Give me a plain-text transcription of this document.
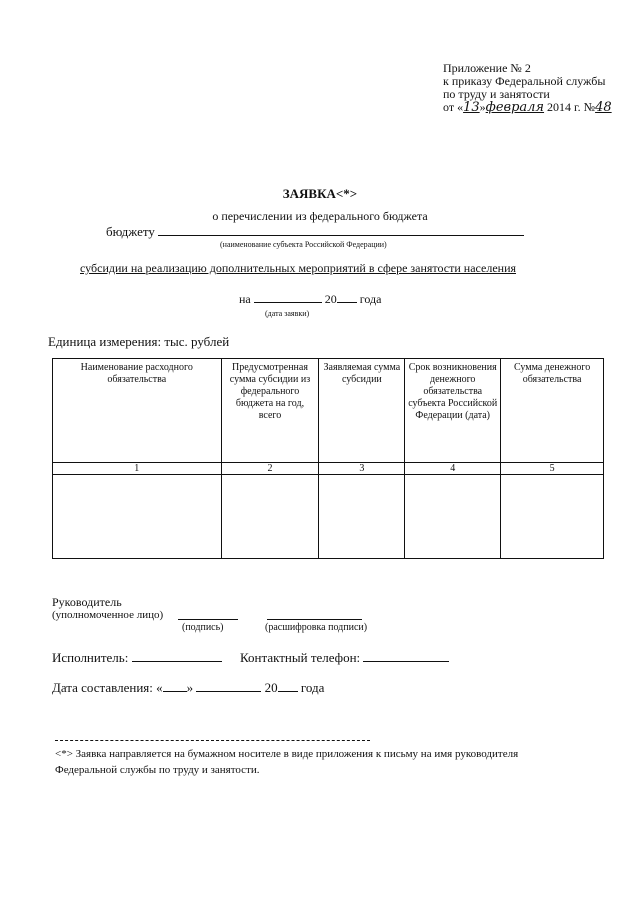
Приложение № 2
к приказу Федеральной службы
по труду и занятости
от «13»февраля 2014 г. №48
ЗАЯВКА<*>
о перечислении из федерального бюджета
бюджету
(наименование субъекта Российской Федерации)
субсидии на реализацию дополнительных мероприятий в сфере занятости населения
на	20 года
(дата заявки)
Единица измерения: тыс. рублей
Наименование расходного обязательства	Предусмотренная сумма субсидии из федерального бюджета на год, всего	Заявляемая сумма субсидии	Срок возникновения денежного обязательства субъекта Российской Федерации (дата)	Сумма денежного обязательства
1	2	3	4	5

Руководитель
(уполномоченное лицо)
(подпись)	(расшифровка подписи)
Исполнитель:	Контактный телефон:
Дата составления: « »	20 года
<*> Заявка направляется на бумажном носителе в виде приложения к письму на имя руководителя
Федеральной службы по труду и занятости.
